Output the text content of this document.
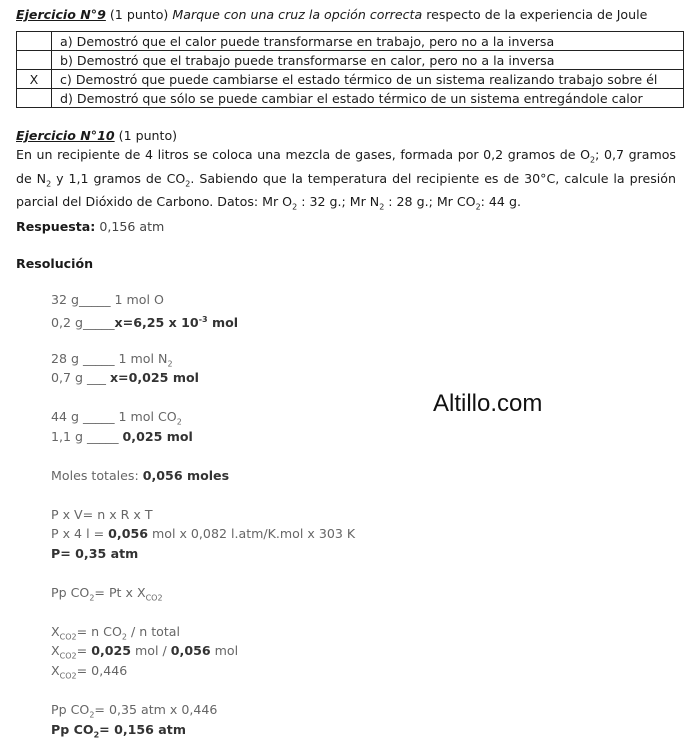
Ejercicio N°9 (1 punto) Marque con una cruz la opción correcta respecto de la experiencia de Joule
	a) Demostró que el calor puede transformarse en trabajo, pero no a la inversa
	b) Demostró que el trabajo puede transformarse en calor, pero no a la inversa
X	c) Demostró que puede cambiarse el estado térmico de un sistema realizando trabajo sobre él
	d) Demostró que sólo se puede cambiar el estado térmico de un sistema entregándole calor
Ejercicio N°10 (1 punto)
En un recipiente de 4 litros se coloca una mezcla de gases, formada por 0,2 gramos de $O_2$; 0,7 gramos de $N_2$ y 1,1 gramos de $CO_2$. Sabiendo que la temperatura del recipiente es de 30°C, calcule la presión parcial del Dióxido de Carbono. Datos: Mr $O_2$ : 32 g.; Mr $N_2$ : 28 g.; Mr $CO_2$: 44 g.
Respuesta: 0,156 atm
Resolución
32 g_____ 1 mol O
0,2 g_____x=6,25 x $10^{-3}$ mol
28 g _____ 1 mol $N_2$
0,7 g ___ x=0,025 mol
44 g _____ 1 mol $CO_2$
1,1 g _____ 0,025 mol
Moles totales: 0,056 moles
P x V= n x R x T
P x 4 l = 0,056 mol x 0,082 l.atm/K.mol x 303 K
P= 0,35 atm
Pp $CO_2= Pt$ x $X_{CO2}$
$X_{CO2}= n$ $CO_2$ / n total
$X_{CO2}= 0,025$ mol / 0,056 mol
$X_{CO2}= 0,446$
Pp $CO_2= 0,35$ atm x 0,446
Pp $CO_2= 0,156$ atm
Altillo.com
